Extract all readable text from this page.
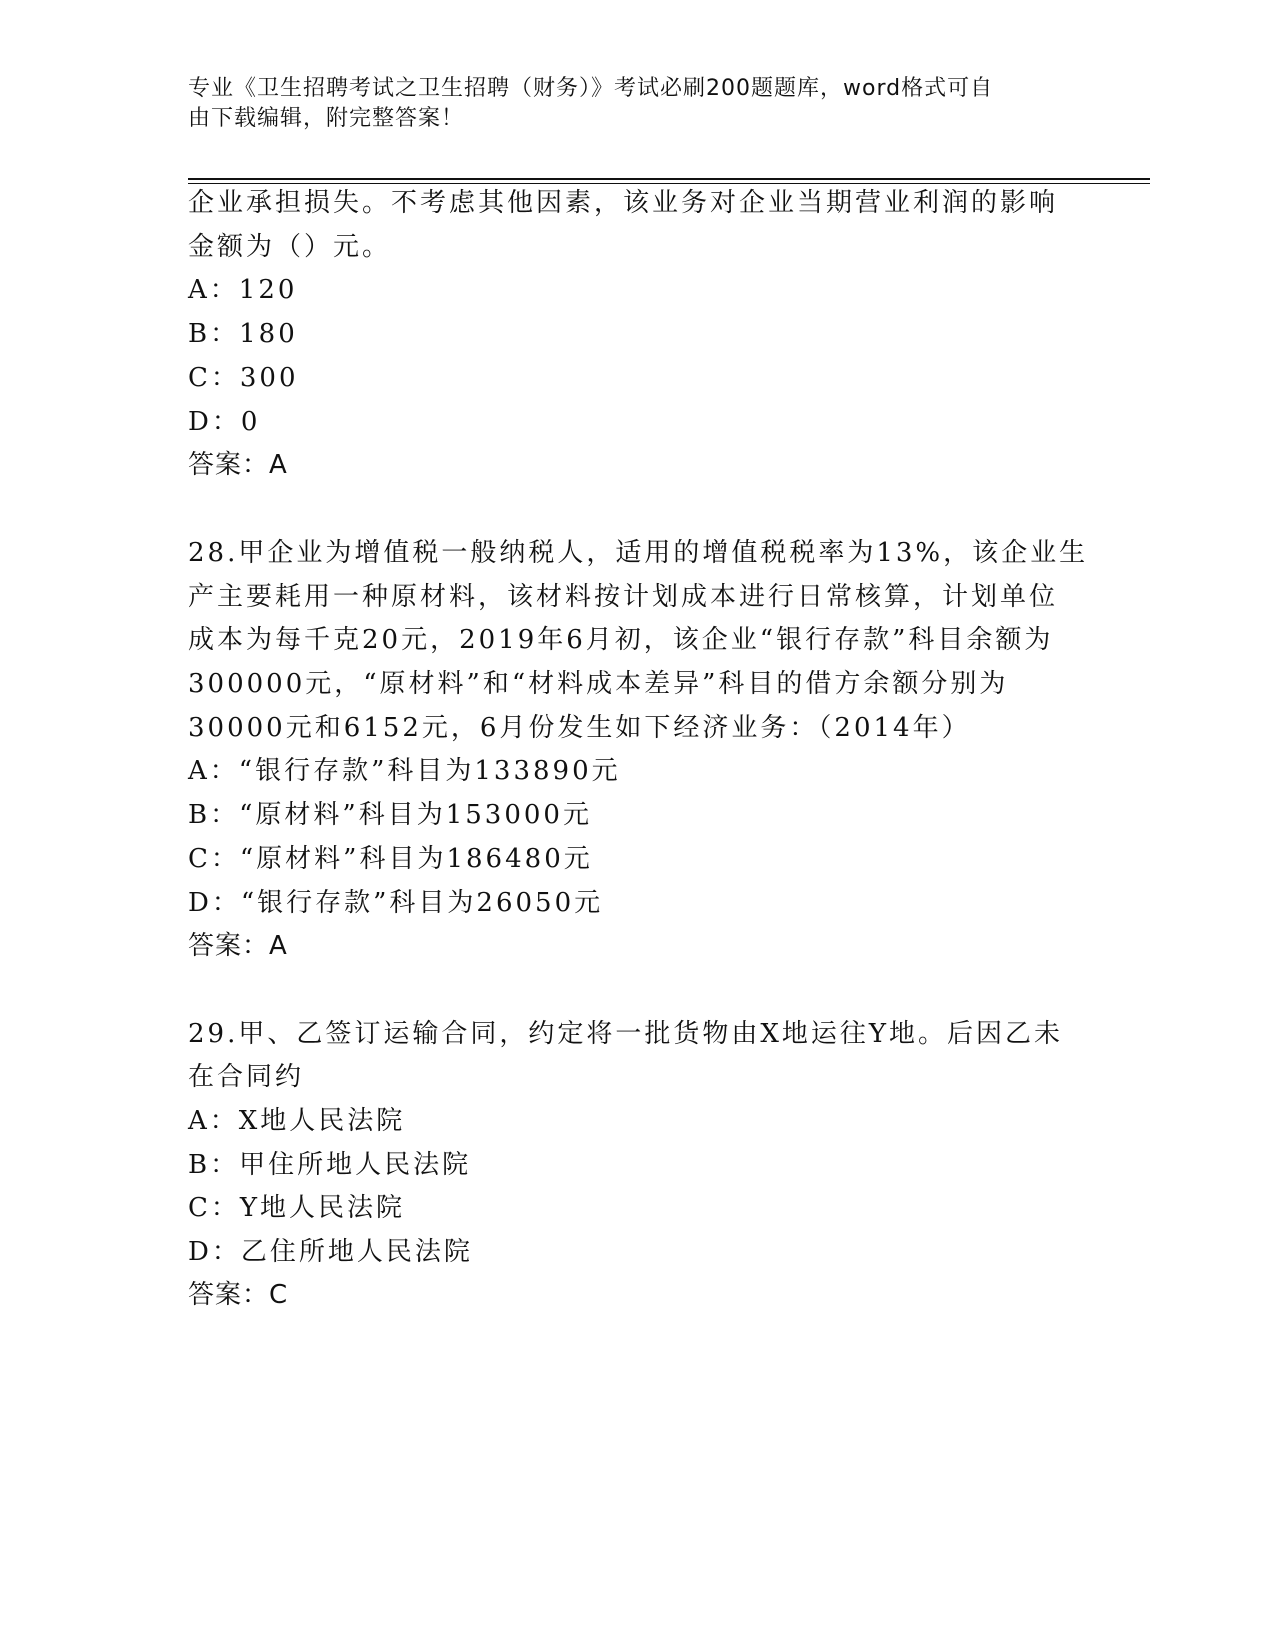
专业《卫生招聘考试之卫生招聘（财务）》考试必刷200题题库，word格式可自
由下载编辑，附完整答案！
企业承担损失。不考虑其他因素，该业务对企业当期营业利润的影响
金额为（）元。
A：120
B：180
C：300
D：0
答案：A
28.甲企业为增值税一般纳税人，适用的增值税税率为13%，该企业生
产主要耗用一种原材料，该材料按计划成本进行日常核算，计划单位
成本为每千克20元，2019年6月初，该企业“银行存款”科目余额为
300000元，“原材料”和“材料成本差异”科目的借方余额分别为
30000元和6152元，6月份发生如下经济业务：（2014年）
A：“银行存款”科目为133890元
B：“原材料”科目为153000元
C：“原材料”科目为186480元
D：“银行存款”科目为26050元
答案：A
29.甲、乙签订运输合同，约定将一批货物由X地运往Y地。后因乙未
在合同约
A：X地人民法院
B：甲住所地人民法院
C：Y地人民法院
D：乙住所地人民法院
答案：C
